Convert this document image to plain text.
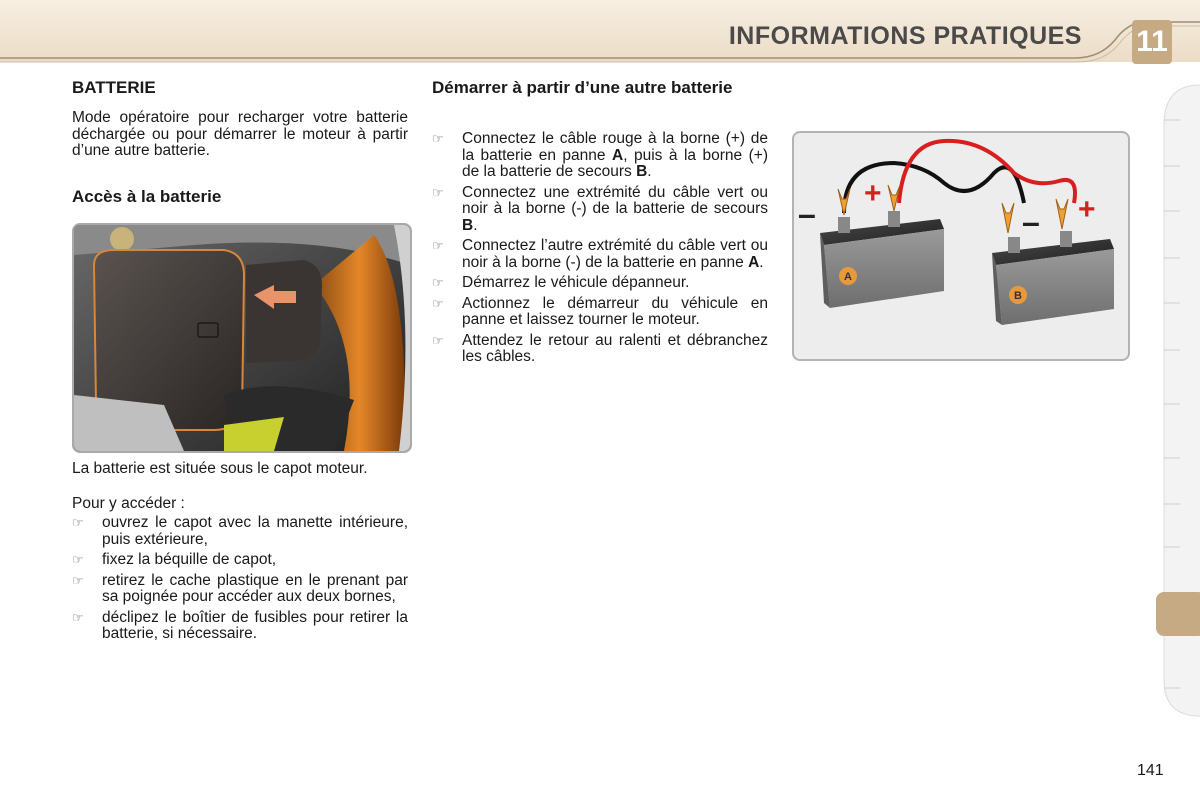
INFORMATIONS PRATIQUES 11
BATTERIE
Mode opératoire pour recharger votre batterie déchargée ou pour démarrer le moteur à partir d’une autre batterie.
Accès à la batterie
La batterie est située sous le capot moteur.
Pour y accéder :
☞ ouvrez le capot avec la manette intérieure, puis extérieure,
☞ fixez la béquille de capot,
☞ retirez le cache plastique en le prenant par sa poignée pour accéder aux deux bornes,
☞ déclipez le boîtier de fusibles pour retirer la batterie, si nécessaire.
Démarrer à partir d’une autre batterie
☞ Connectez le câble rouge à la borne (+) de la batterie en panne A, puis à la borne (+) de la batterie de secours B.
☞ Connectez une extrémité du câble vert ou noir à la borne (-) de la batterie de secours B.
☞ Connectez l’autre extrémité du câble vert ou noir à la borne (-) de la batterie en panne A.
☞ Démarrez le véhicule dépanneur.
☞ Actionnez le démarreur du véhicule en panne et laissez tourner le moteur.
☞ Attendez le retour au ralenti et débranchez les câbles.
A
B
+
–	+
–
141
